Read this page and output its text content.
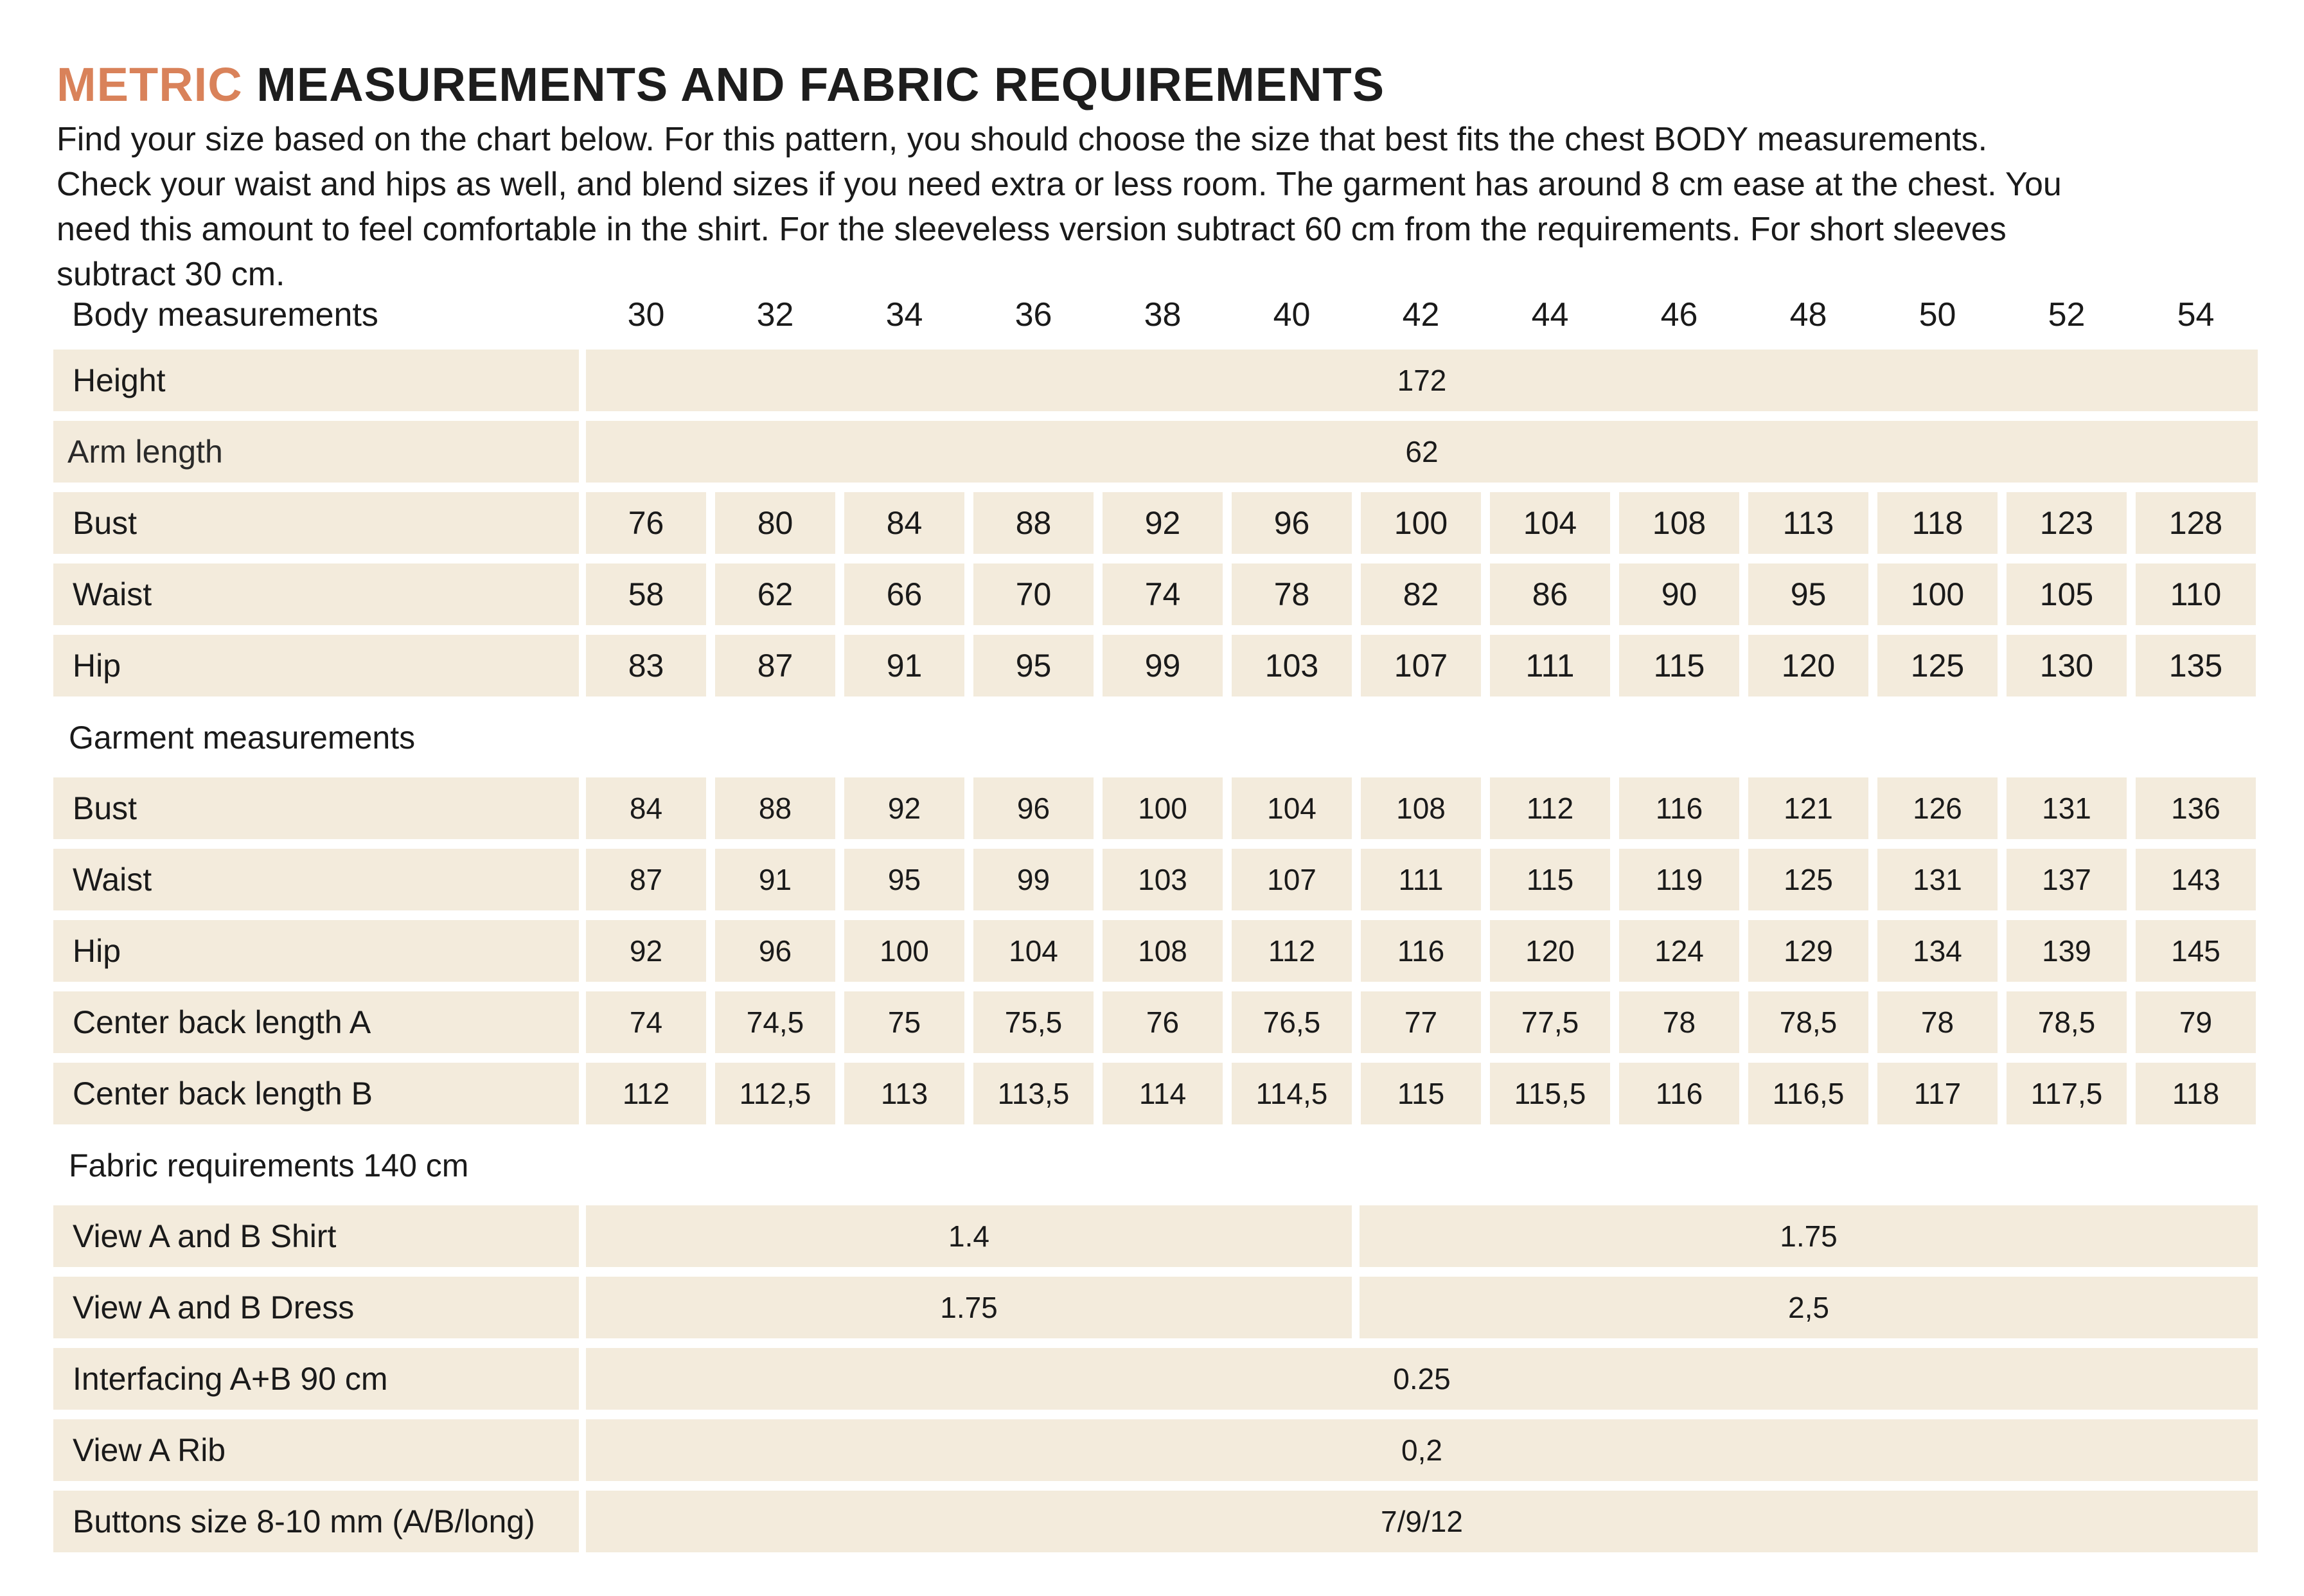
METRIC MEASUREMENTS AND FABRIC REQUIREMENTS

Find your size based on the chart below. For this pattern, you should choose the size that best fits the chest BODY measurements.

Check your waist and hips as well, and blend sizes if you need extra or less room. The garment has around 8 cm ease at the chest. You

need this amount to feel comfortable in the shirt. For the sleeveless version subtract 60 cm from the requirements. For short sleeves

subtract 30 cm.

Body measurements	30	32	34	36	38	40	42	44	46	48	50	52	54
Height	172
Arm length	62
Bust	76	80	84	88	92	96	100	104	108	113	118	123	128
Waist	58	62	66	70	74	78	82	86	90	95	100	105	110
Hip	83	87	91	95	99	103	107	111	115	120	125	130	135
Garment measurements
Bust	84	88	92	96	100	104	108	112	116	121	126	131	136
Waist	87	91	95	99	103	107	111	115	119	125	131	137	143
Hip	92	96	100	104	108	112	116	120	124	129	134	139	145
Center back length A	74	74,5	75	75,5	76	76,5	77	77,5	78	78,5	78	78,5	79
Center back length B	112	112,5	113	113,5	114	114,5	115	115,5	116	116,5	117	117,5	118
Fabric requirements 140 cm
View A and B Shirt	1.4	1.75
View A and B Dress	1.75	2,5
Interfacing A+B 90 cm	0.25
View A Rib	0,2
Buttons size 8-10 mm (A/B/long)	7/9/12
